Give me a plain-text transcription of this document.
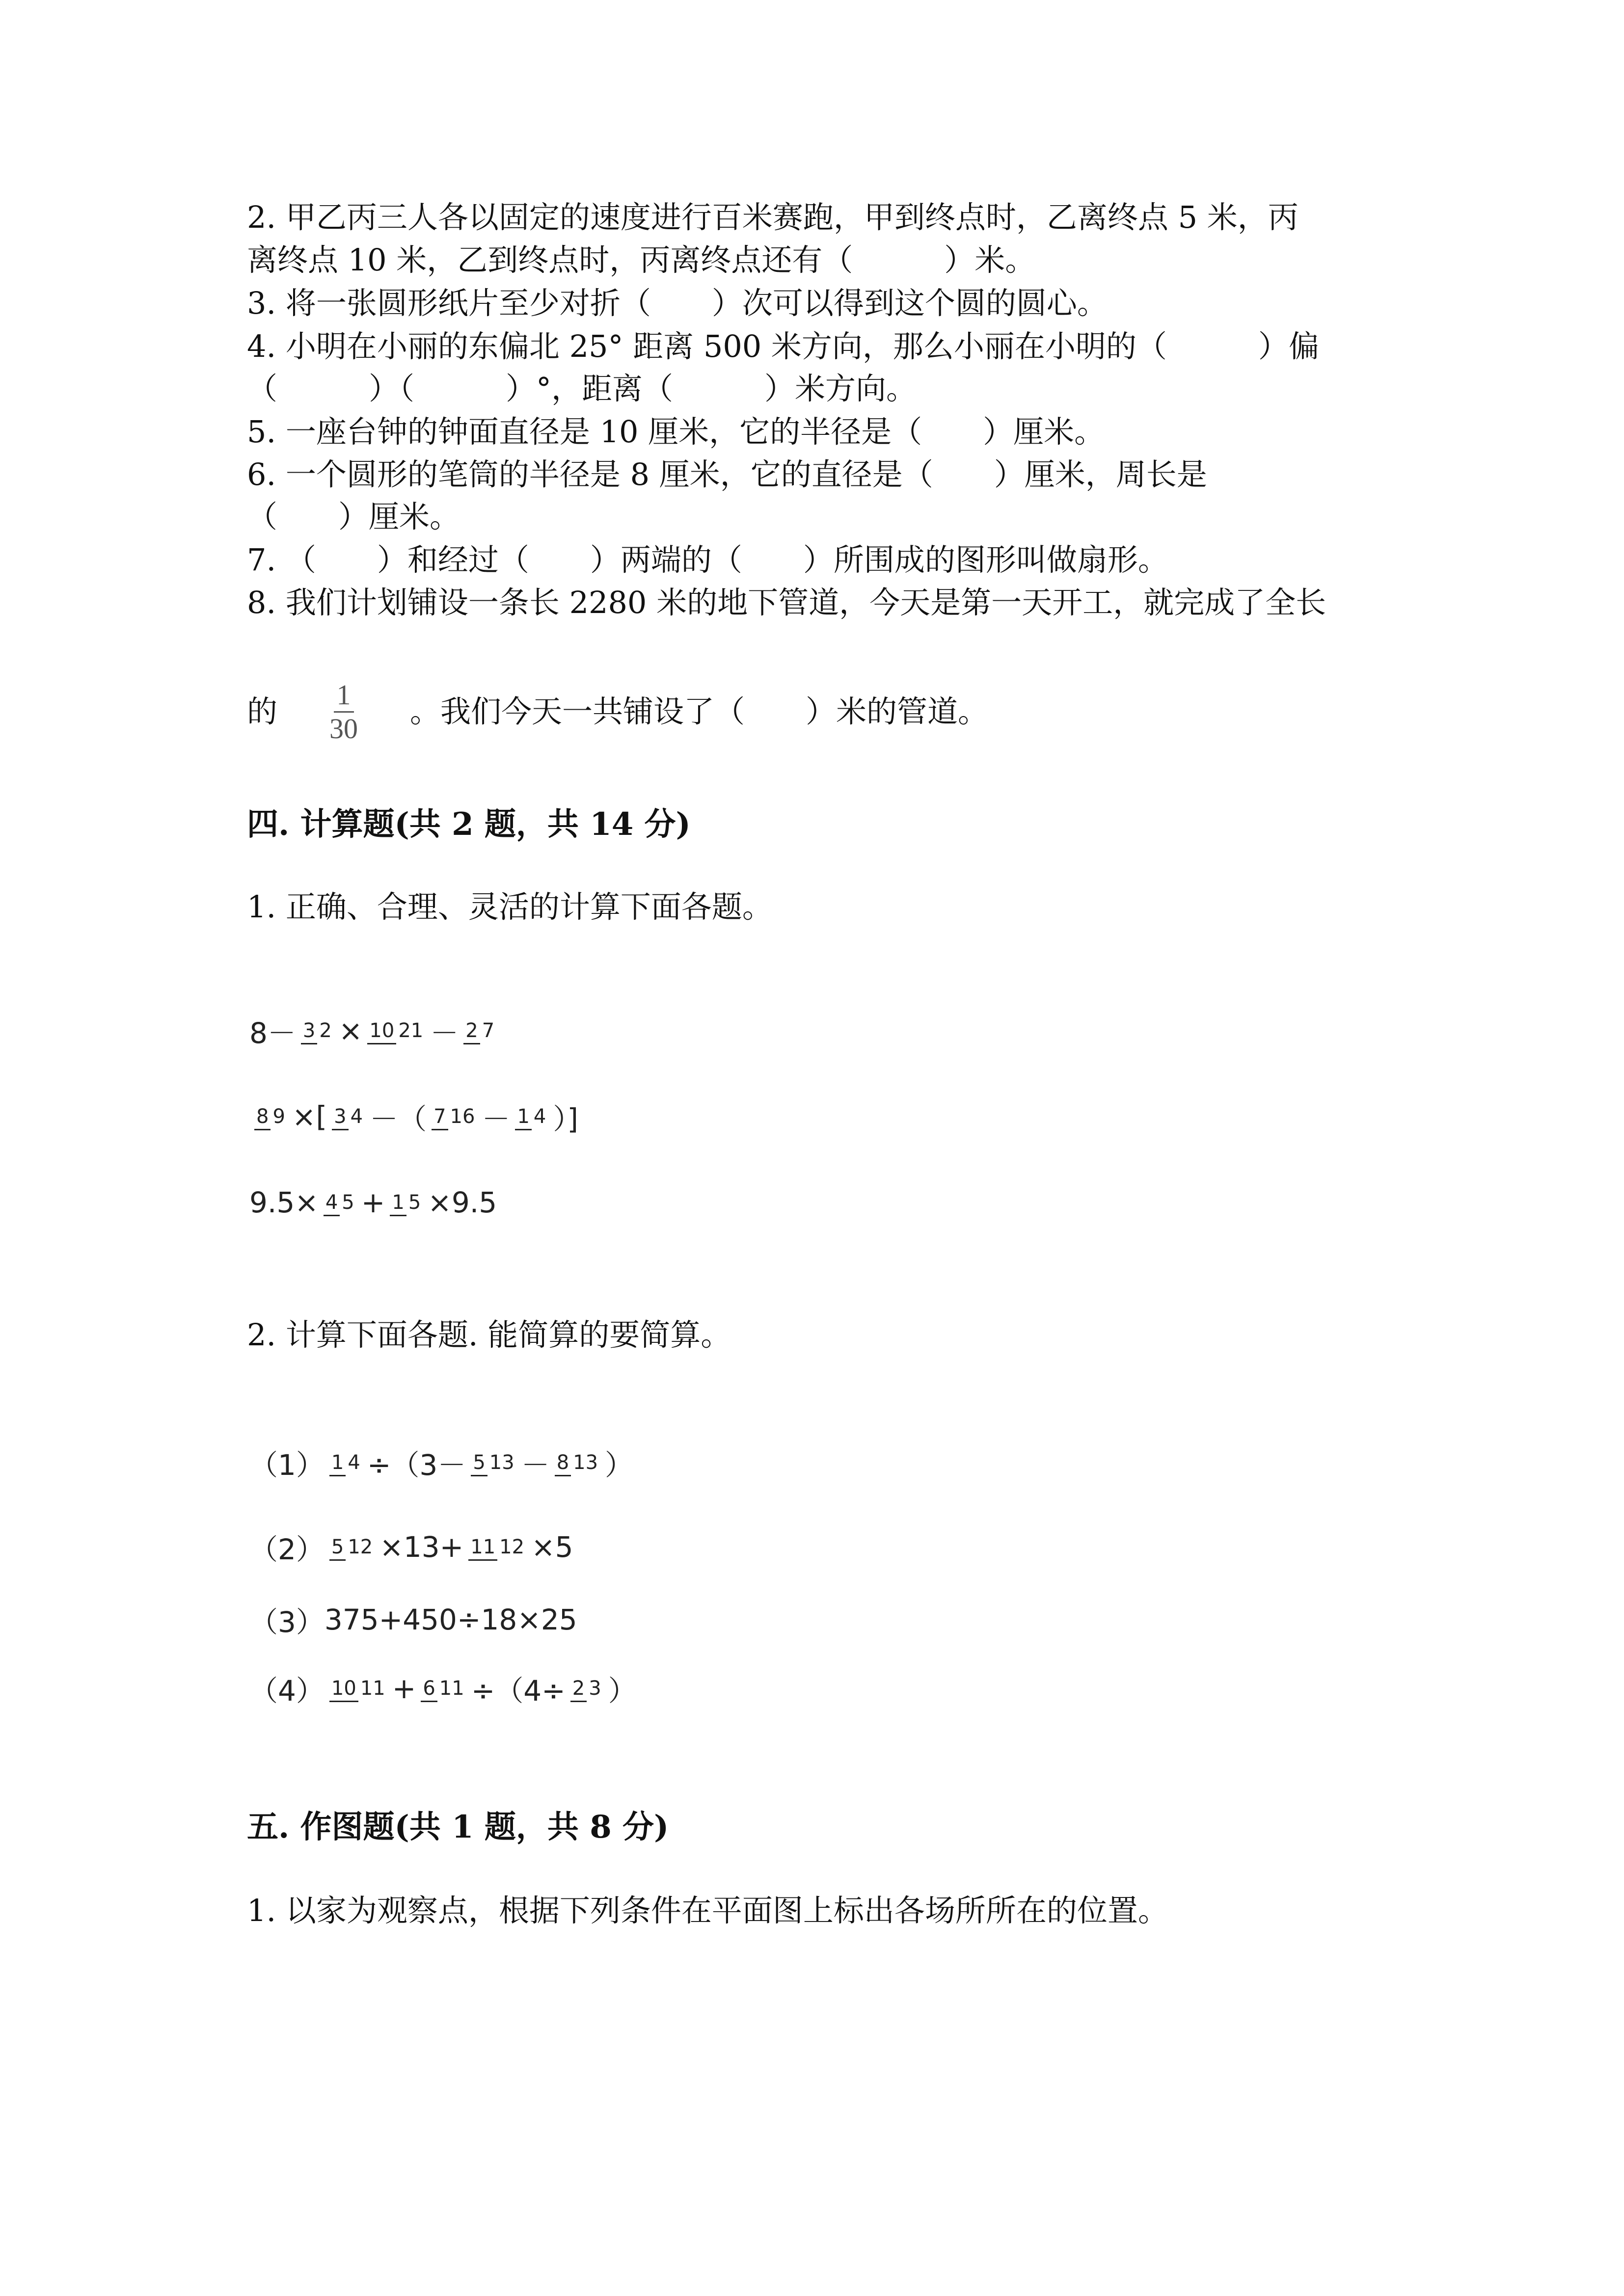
2. 甲乙丙三人各以固定的速度进行百米赛跑，甲到终点时，乙离终点 5 米，丙
离终点 10 米，乙到终点时，丙离终点还有（　　　）米。
3. 将一张圆形纸片至少对折（　　）次可以得到这个圆的圆心。
4. 小明在小丽的东偏北 25° 距离 500 米方向，那么小丽在小明的（　　　）偏
（　　　）（　　　）°，距离（　　　）米方向。
5. 一座台钟的钟面直径是 10 厘米，它的半径是（　　）厘米。
6. 一个圆形的笔筒的半径是 8 厘米，它的直径是（　　）厘米，周长是
（　　）厘米。
7. （　　）和经过（　　）两端的（　　）所围成的图形叫做扇形。
8. 我们计划铺设一条长 2280 米的地下管道，今天是第一天开工，就完成了全长
的 $\frac{1}{30}$ 。我们今天一共铺设了（　　）米的管道。
四. 计算题(共 2 题，共 14 分)
1. 正确、合理、灵活的计算下面各题。
8－ 3 2 × 10 21 － 2 7
8 9 ×[ 3 4 －（ 7 16 － 1 4 ）]
9.5× 4 5 + 1 5 ×9.5
2. 计算下面各题. 能简算的要简算。
（1） 1 4 ÷（3－ 5 13 － 8 13 ）
（2） 5 12 ×13+ 11 12 ×5
（3） 375+450÷18×25
（4） 10 11 + 6 11 ÷（4÷ 2 3 ）
五. 作图题(共 1 题，共 8 分)
1. 以家为观察点，根据下列条件在平面图上标出各场所所在的位置。
